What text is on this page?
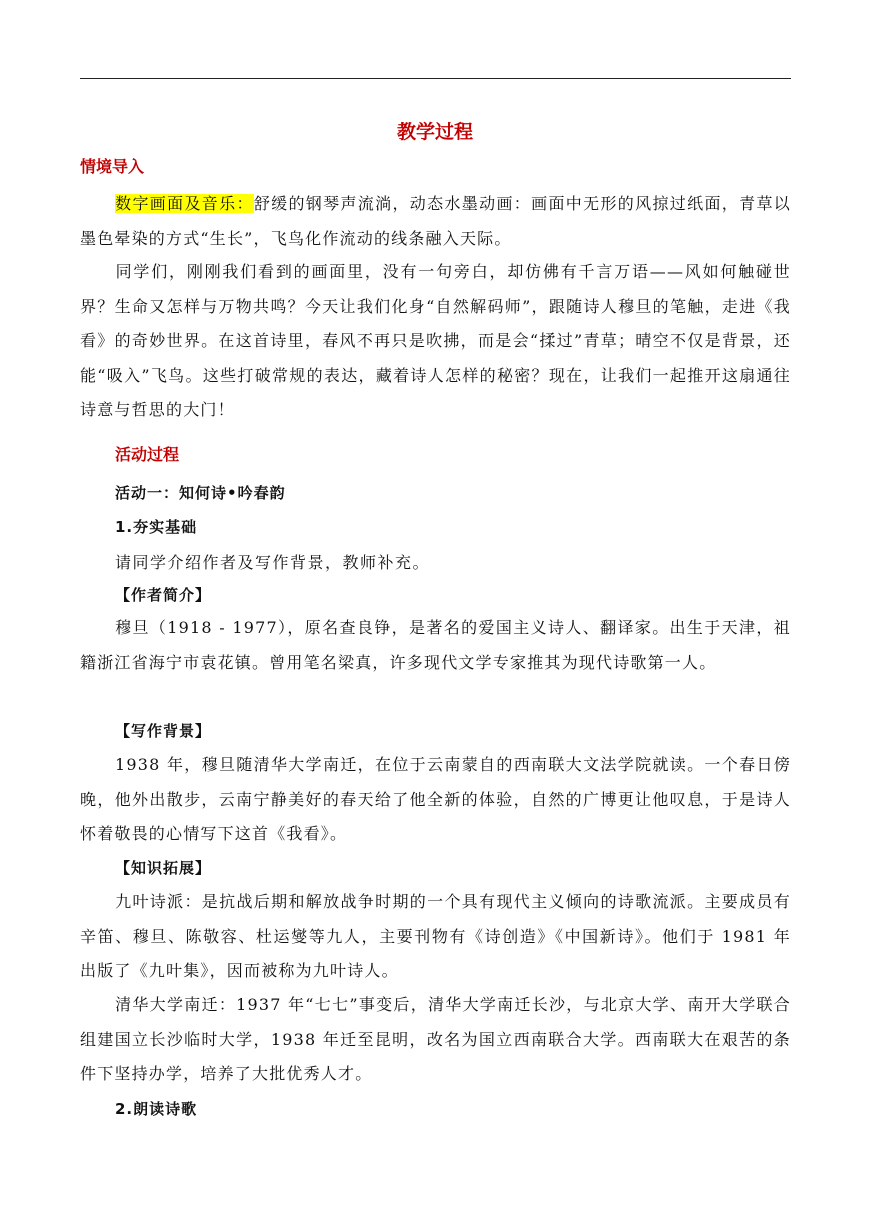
教学过程
情境导入
数字画面及音乐：舒缓的钢琴声流淌，动态水墨动画：画面中无形的风掠过纸面，青草以墨色晕染的方式“生长”，飞鸟化作流动的线条融入天际。
同学们，刚刚我们看到的画面里，没有一句旁白，却仿佛有千言万语——风如何触碰世界？生命又怎样与万物共鸣？今天让我们化身“自然解码师”，跟随诗人穆旦的笔触，走进《我看》的奇妙世界。在这首诗里，春风不再只是吹拂，而是会“揉过”青草；晴空不仅是背景，还能“吸入”飞鸟。这些打破常规的表达，藏着诗人怎样的秘密？现在，让我们一起推开这扇通往诗意与哲思的大门！
活动过程
活动一：知何诗•吟春韵
1.夯实基础
请同学介绍作者及写作背景，教师补充。
【作者简介】
穆旦（1918 - 1977），原名查良铮，是著名的爱国主义诗人、翻译家。出生于天津，祖籍浙江省海宁市袁花镇。曾用笔名梁真，许多现代文学专家推其为现代诗歌第一人。
【写作背景】
1938 年，穆旦随清华大学南迁，在位于云南蒙自的西南联大文法学院就读。一个春日傍晚，他外出散步，云南宁静美好的春天给了他全新的体验，自然的广博更让他叹息，于是诗人怀着敬畏的心情写下这首《我看》。
【知识拓展】
九叶诗派：是抗战后期和解放战争时期的一个具有现代主义倾向的诗歌流派。主要成员有辛笛、穆旦、陈敬容、杜运燮等九人，主要刊物有《诗创造》《中国新诗》。他们于 1981 年出版了《九叶集》，因而被称为九叶诗人。
清华大学南迁：1937 年“七七”事变后，清华大学南迁长沙，与北京大学、南开大学联合组建国立长沙临时大学，1938 年迁至昆明，改名为国立西南联合大学。西南联大在艰苦的条件下坚持办学，培养了大批优秀人才。
2.朗读诗歌
